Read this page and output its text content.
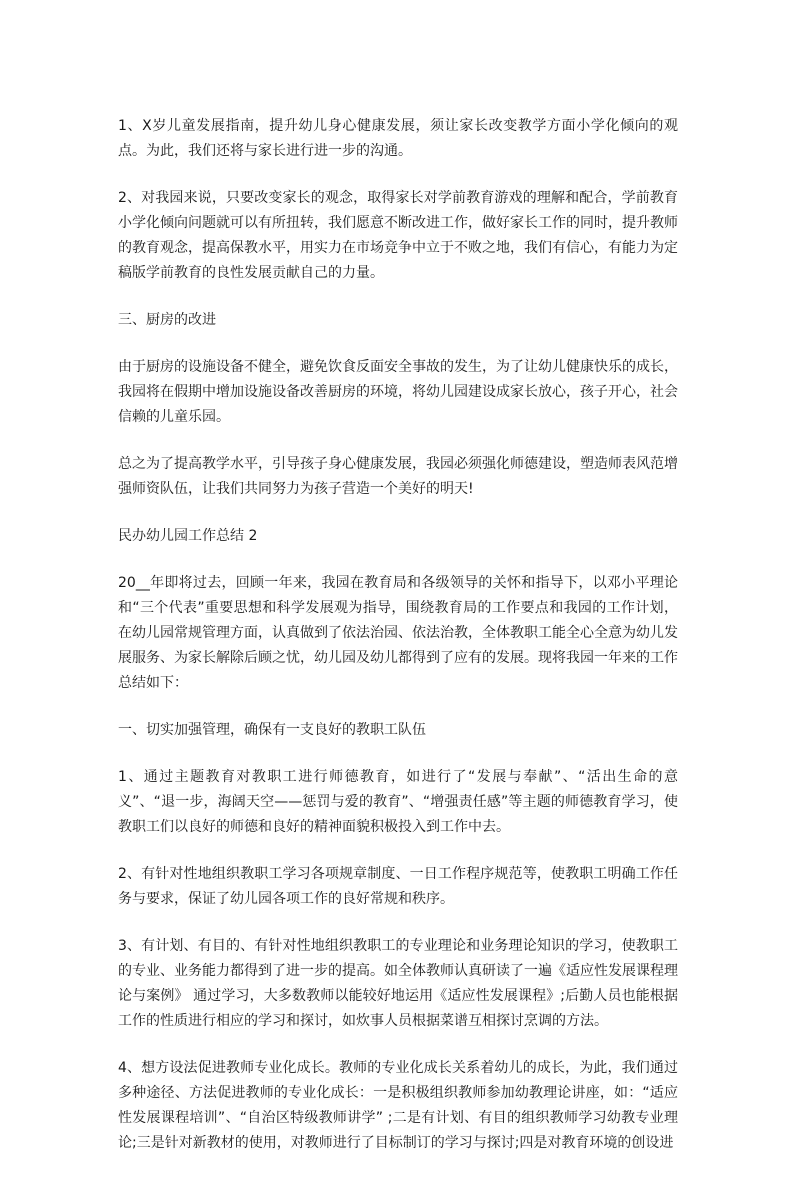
1、X岁儿童发展指南，提升幼儿身心健康发展，须让家长改变教学方面小学化倾向的观点。为此，我们还将与家长进行进一步的沟通。

2、对我园来说，只要改变家长的观念，取得家长对学前教育游戏的理解和配合，学前教育小学化倾向问题就可以有所扭转，我们愿意不断改进工作，做好家长工作的同时，提升教师的教育观念，提高保教水平，用实力在市场竞争中立于不败之地，我们有信心，有能力为定稿版学前教育的良性发展贡献自己的力量。

三、厨房的改进

由于厨房的设施设备不健全，避免饮食反面安全事故的发生，为了让幼儿健康快乐的成长，我园将在假期中增加设施设备改善厨房的环境，将幼儿园建设成家长放心，孩子开心，社会信赖的儿童乐园。

总之为了提高教学水平，引导孩子身心健康发展，我园必须强化师德建设，塑造师表风范增强师资队伍，让我们共同努力为孩子营造一个美好的明天!

民办幼儿园工作总结 2

20__年即将过去，回顾一年来，我园在教育局和各级领导的关怀和指导下，以邓小平理论和“三个代表”重要思想和科学发展观为指导，围绕教育局的工作要点和我园的工作计划，在幼儿园常规管理方面，认真做到了依法治园、依法治教，全体教职工能全心全意为幼儿发展服务、为家长解除后顾之忧，幼儿园及幼儿都得到了应有的发展。现将我园一年来的工作总结如下：

一、切实加强管理，确保有一支良好的教职工队伍

1、通过主题教育对教职工进行师德教育，如进行了“发展与奉献”、“活出生命的意义”、“退一步，海阔天空——惩罚与爱的教育”、“增强责任感”等主题的师德教育学习，使教职工们以良好的师德和良好的精神面貌积极投入到工作中去。

2、有针对性地组织教职工学习各项规章制度、一日工作程序规范等，使教职工明确工作任务与要求，保证了幼儿园各项工作的良好常规和秩序。

3、有计划、有目的、有针对性地组织教职工的专业理论和业务理论知识的学习，使教职工的专业、业务能力都得到了进一步的提高。如全体教师认真研读了一遍《适应性发展课程理论与案例》 通过学习，大多数教师以能较好地运用《适应性发展课程》;后勤人员也能根据工作的性质进行相应的学习和探讨，如炊事人员根据菜谱互相探讨烹调的方法。

4、想方设法促进教师专业化成长。教师的专业化成长关系着幼儿的成长，为此，我们通过多种途径、方法促进教师的专业化成长：一是积极组织教师参加幼教理论讲座，如：“适应性发展课程培训”、“自治区特级教师讲学” ;二是有计划、有目的组织教师学习幼教专业理论;三是针对新教材的使用，对教师进行了目标制订的学习与探讨;四是对教育环境的创设进
